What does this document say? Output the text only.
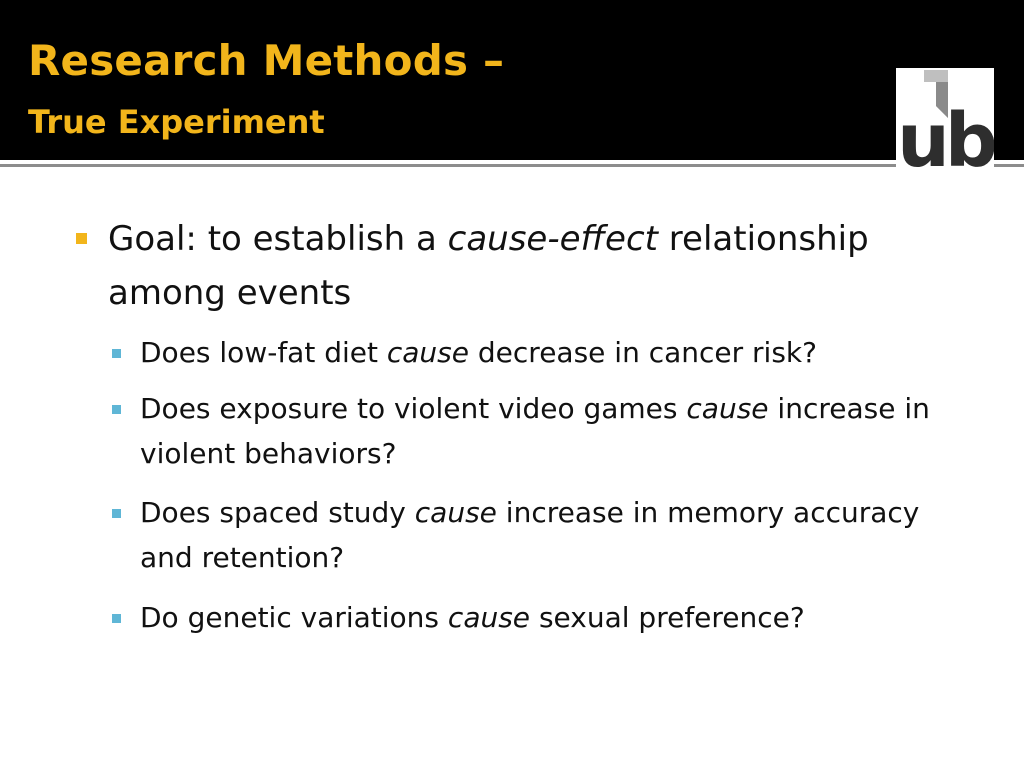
Research Methods –
True Experiment	ub
Goal: to establish a cause-effect relationship among events
Does low-fat diet cause decrease in cancer risk?
Does exposure to violent video games cause increase in violent behaviors?
Does spaced study cause increase in memory accuracy and retention?
Do genetic variations cause sexual preference?
